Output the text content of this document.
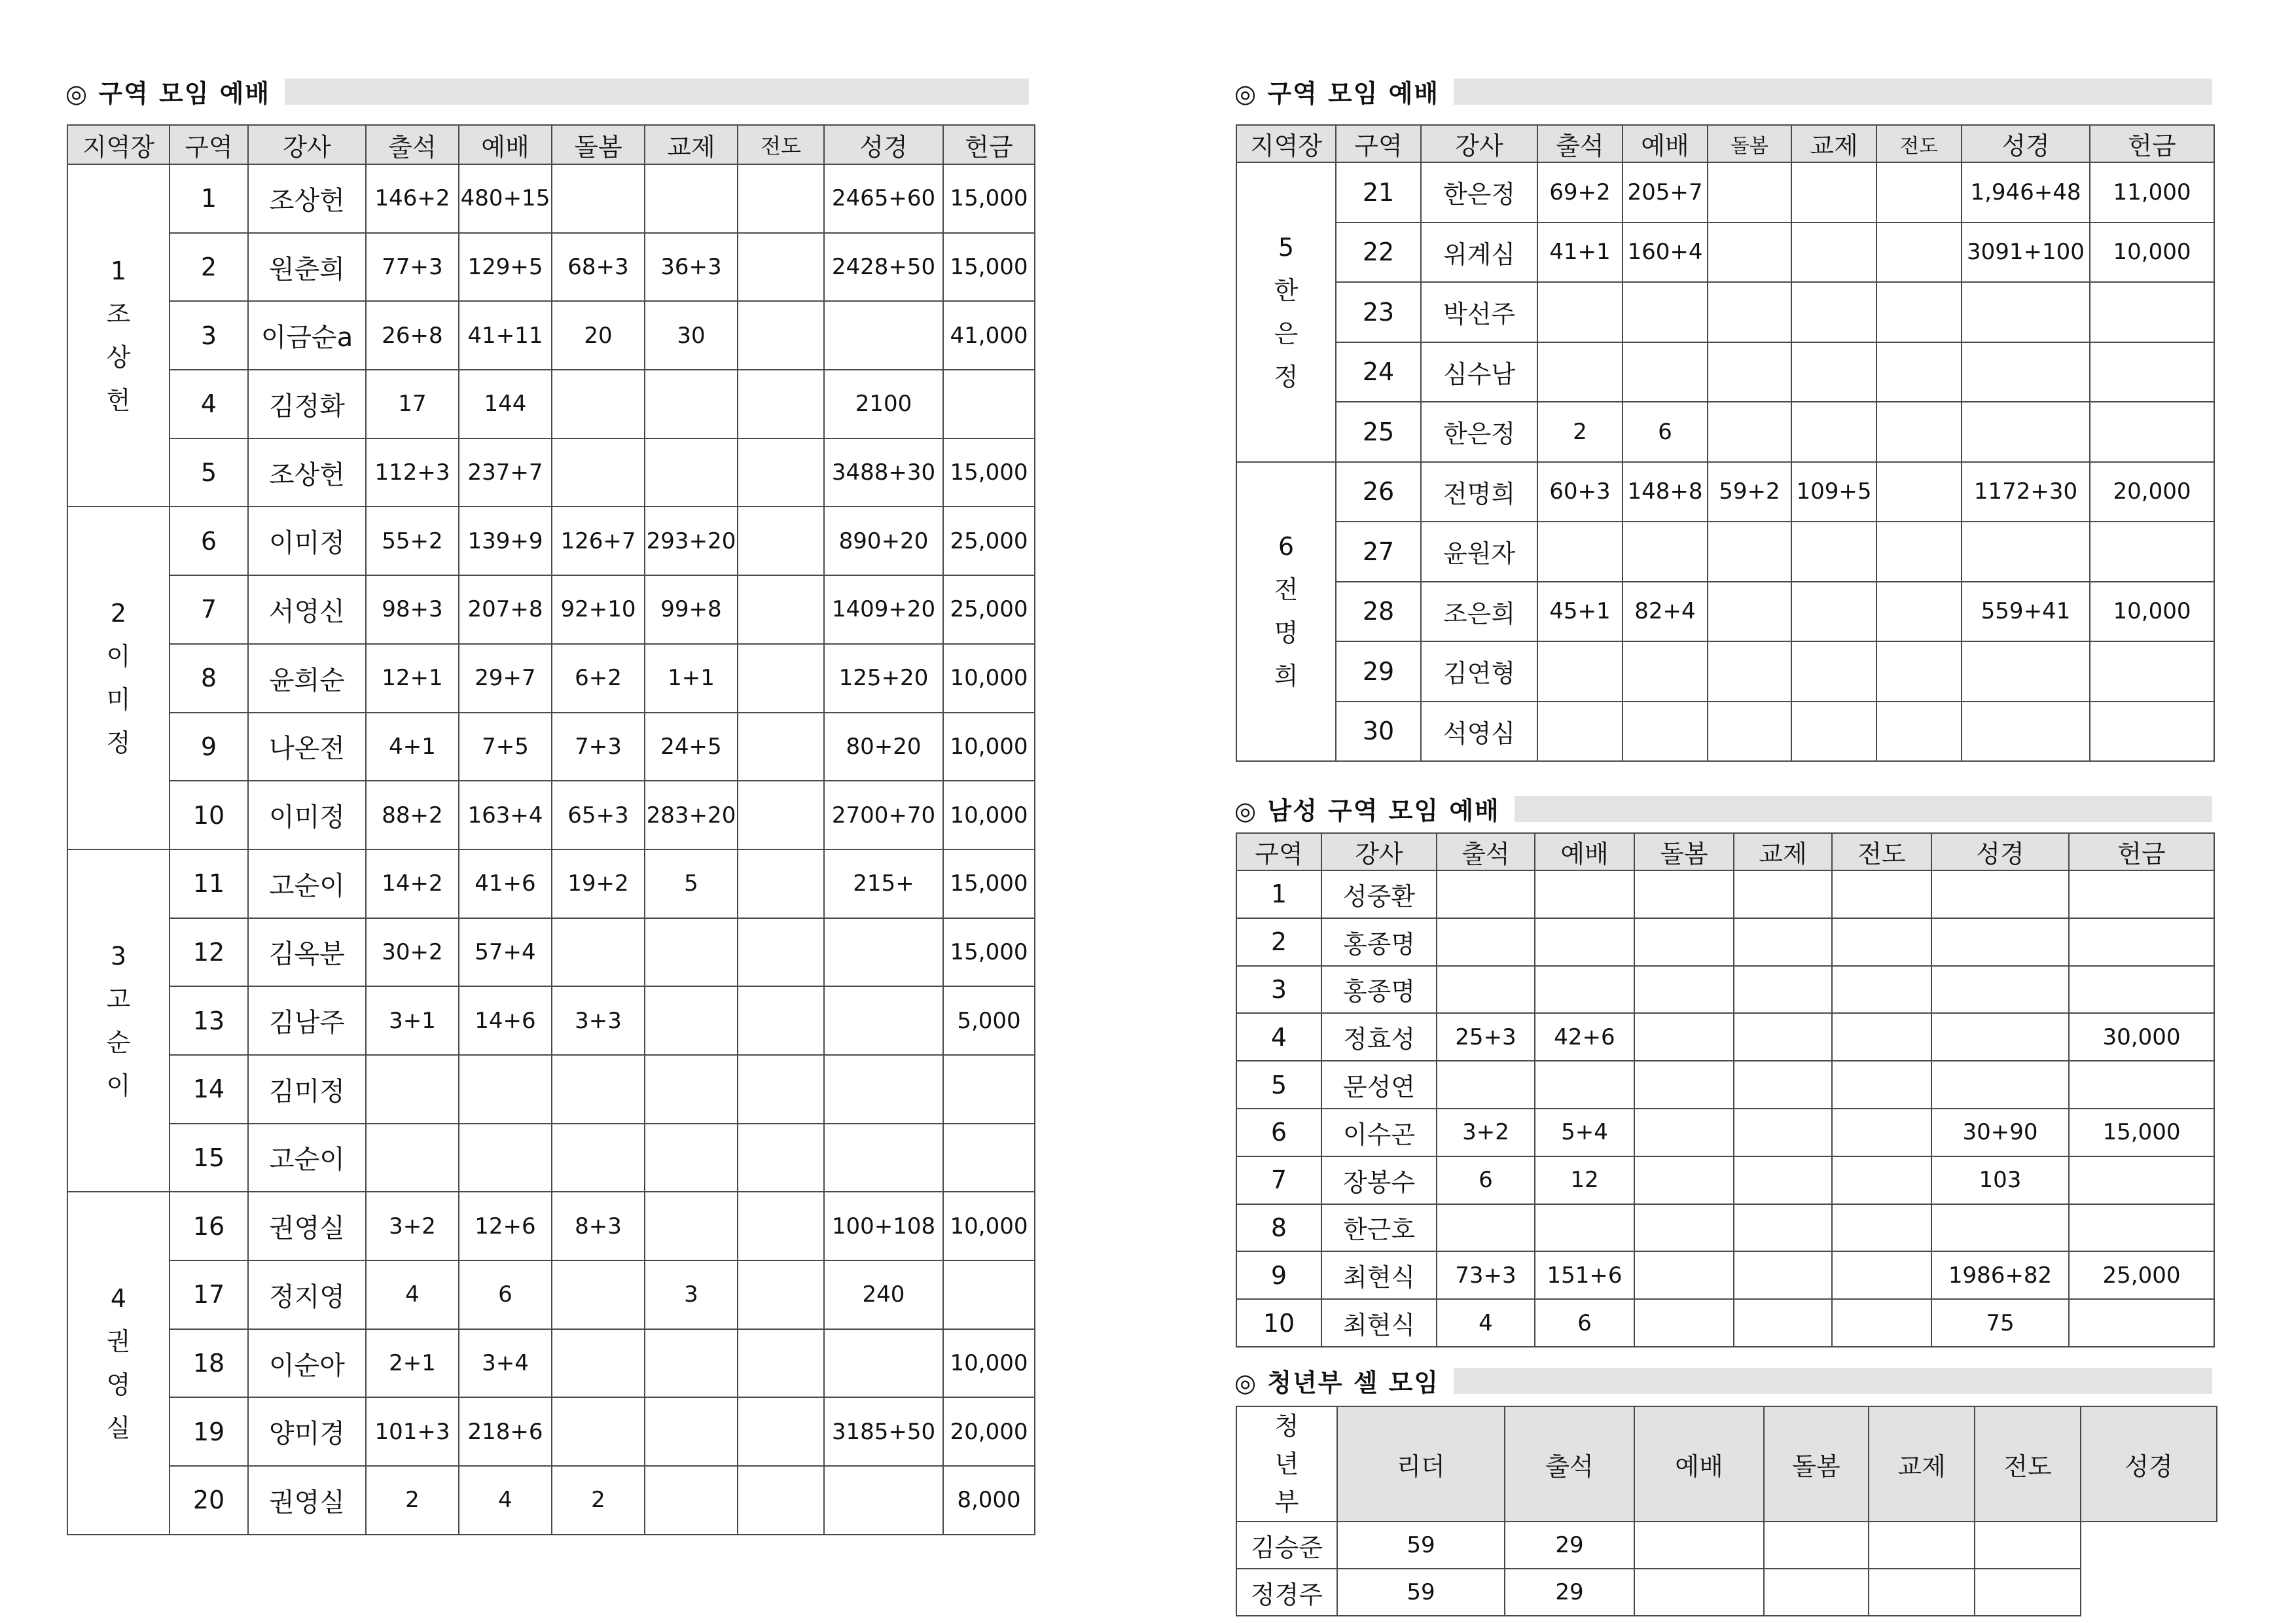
◎ 구역 모임 예배
지역장	구역	강사	출석	예배	돌봄	교제	전도	성경	헌금

1
조
상
헌	1	조상헌	146+2	480+15				2465+60	15,000
	2	원춘희	77+3	129+5	68+3	36+3		2428+50	15,000
	3	이금순a	26+8	41+11	20	30			41,000
	4	김정화	17	144				2100	
	5	조상헌	112+3	237+7				3488+30	15,000

2
이
미
정	6	이미정	55+2	139+9	126+7	293+20		890+20	25,000
	7	서영신	98+3	207+8	92+10	99+8		1409+20	25,000
	8	윤희순	12+1	29+7	6+2	1+1		125+20	10,000
	9	나온전	4+1	7+5	7+3	24+5		80+20	10,000
	10	이미정	88+2	163+4	65+3	283+20		2700+70	10,000

3
고
순
이	11	고순이	14+2	41+6	19+2	5		215+	15,000
	12	김옥분	30+2	57+4					15,000
	13	김남주	3+1	14+6	3+3				5,000
	14	김미정							
	15	고순이							

4
권
영
실	16	권영실	3+2	12+6	8+3			100+108	10,000
	17	정지영	4	6		3		240	
	18	이순아	2+1	3+4					10,000
	19	양미경	101+3	218+6				3185+50	20,000
	20	권영실	2	4	2				8,000
◎ 구역 모임 예배
지역장	구역	강사	출석	예배	돌봄	교제	전도	성경	헌금

5
한
은
정	21	한은정	69+2	205+7				1,946+48	11,000
	22	위계심	41+1	160+4				3091+100	10,000
	23	박선주							
	24	심수남							
	25	한은정	2	6					

6
전
명
희	26	전명희	60+3	148+8	59+2	109+5		1172+30	20,000
	27	윤원자							
	28	조은희	45+1	82+4				559+41	10,000
	29	김연형							
	30	석영심							
◎ 남성 구역 모임 예배
구역	강사	출석	예배	돌봄	교제	전도	성경	헌금
1	성중환							
2	홍종명							
3	홍종명							
4	정효성	25+3	42+6					30,000
5	문성연							
6	이수곤	3+2	5+4				30+90	15,000
7	장봉수	6	12				103	
8	한근호							
9	최현식	73+3	151+6				1986+82	25,000
10	최현식	4	6				75	
◎ 청년부 셀 모임
청
년
부	리더	출석	예배	돌봄	교제	전도	성경
김승준	59	29					
정경주	59	29					
